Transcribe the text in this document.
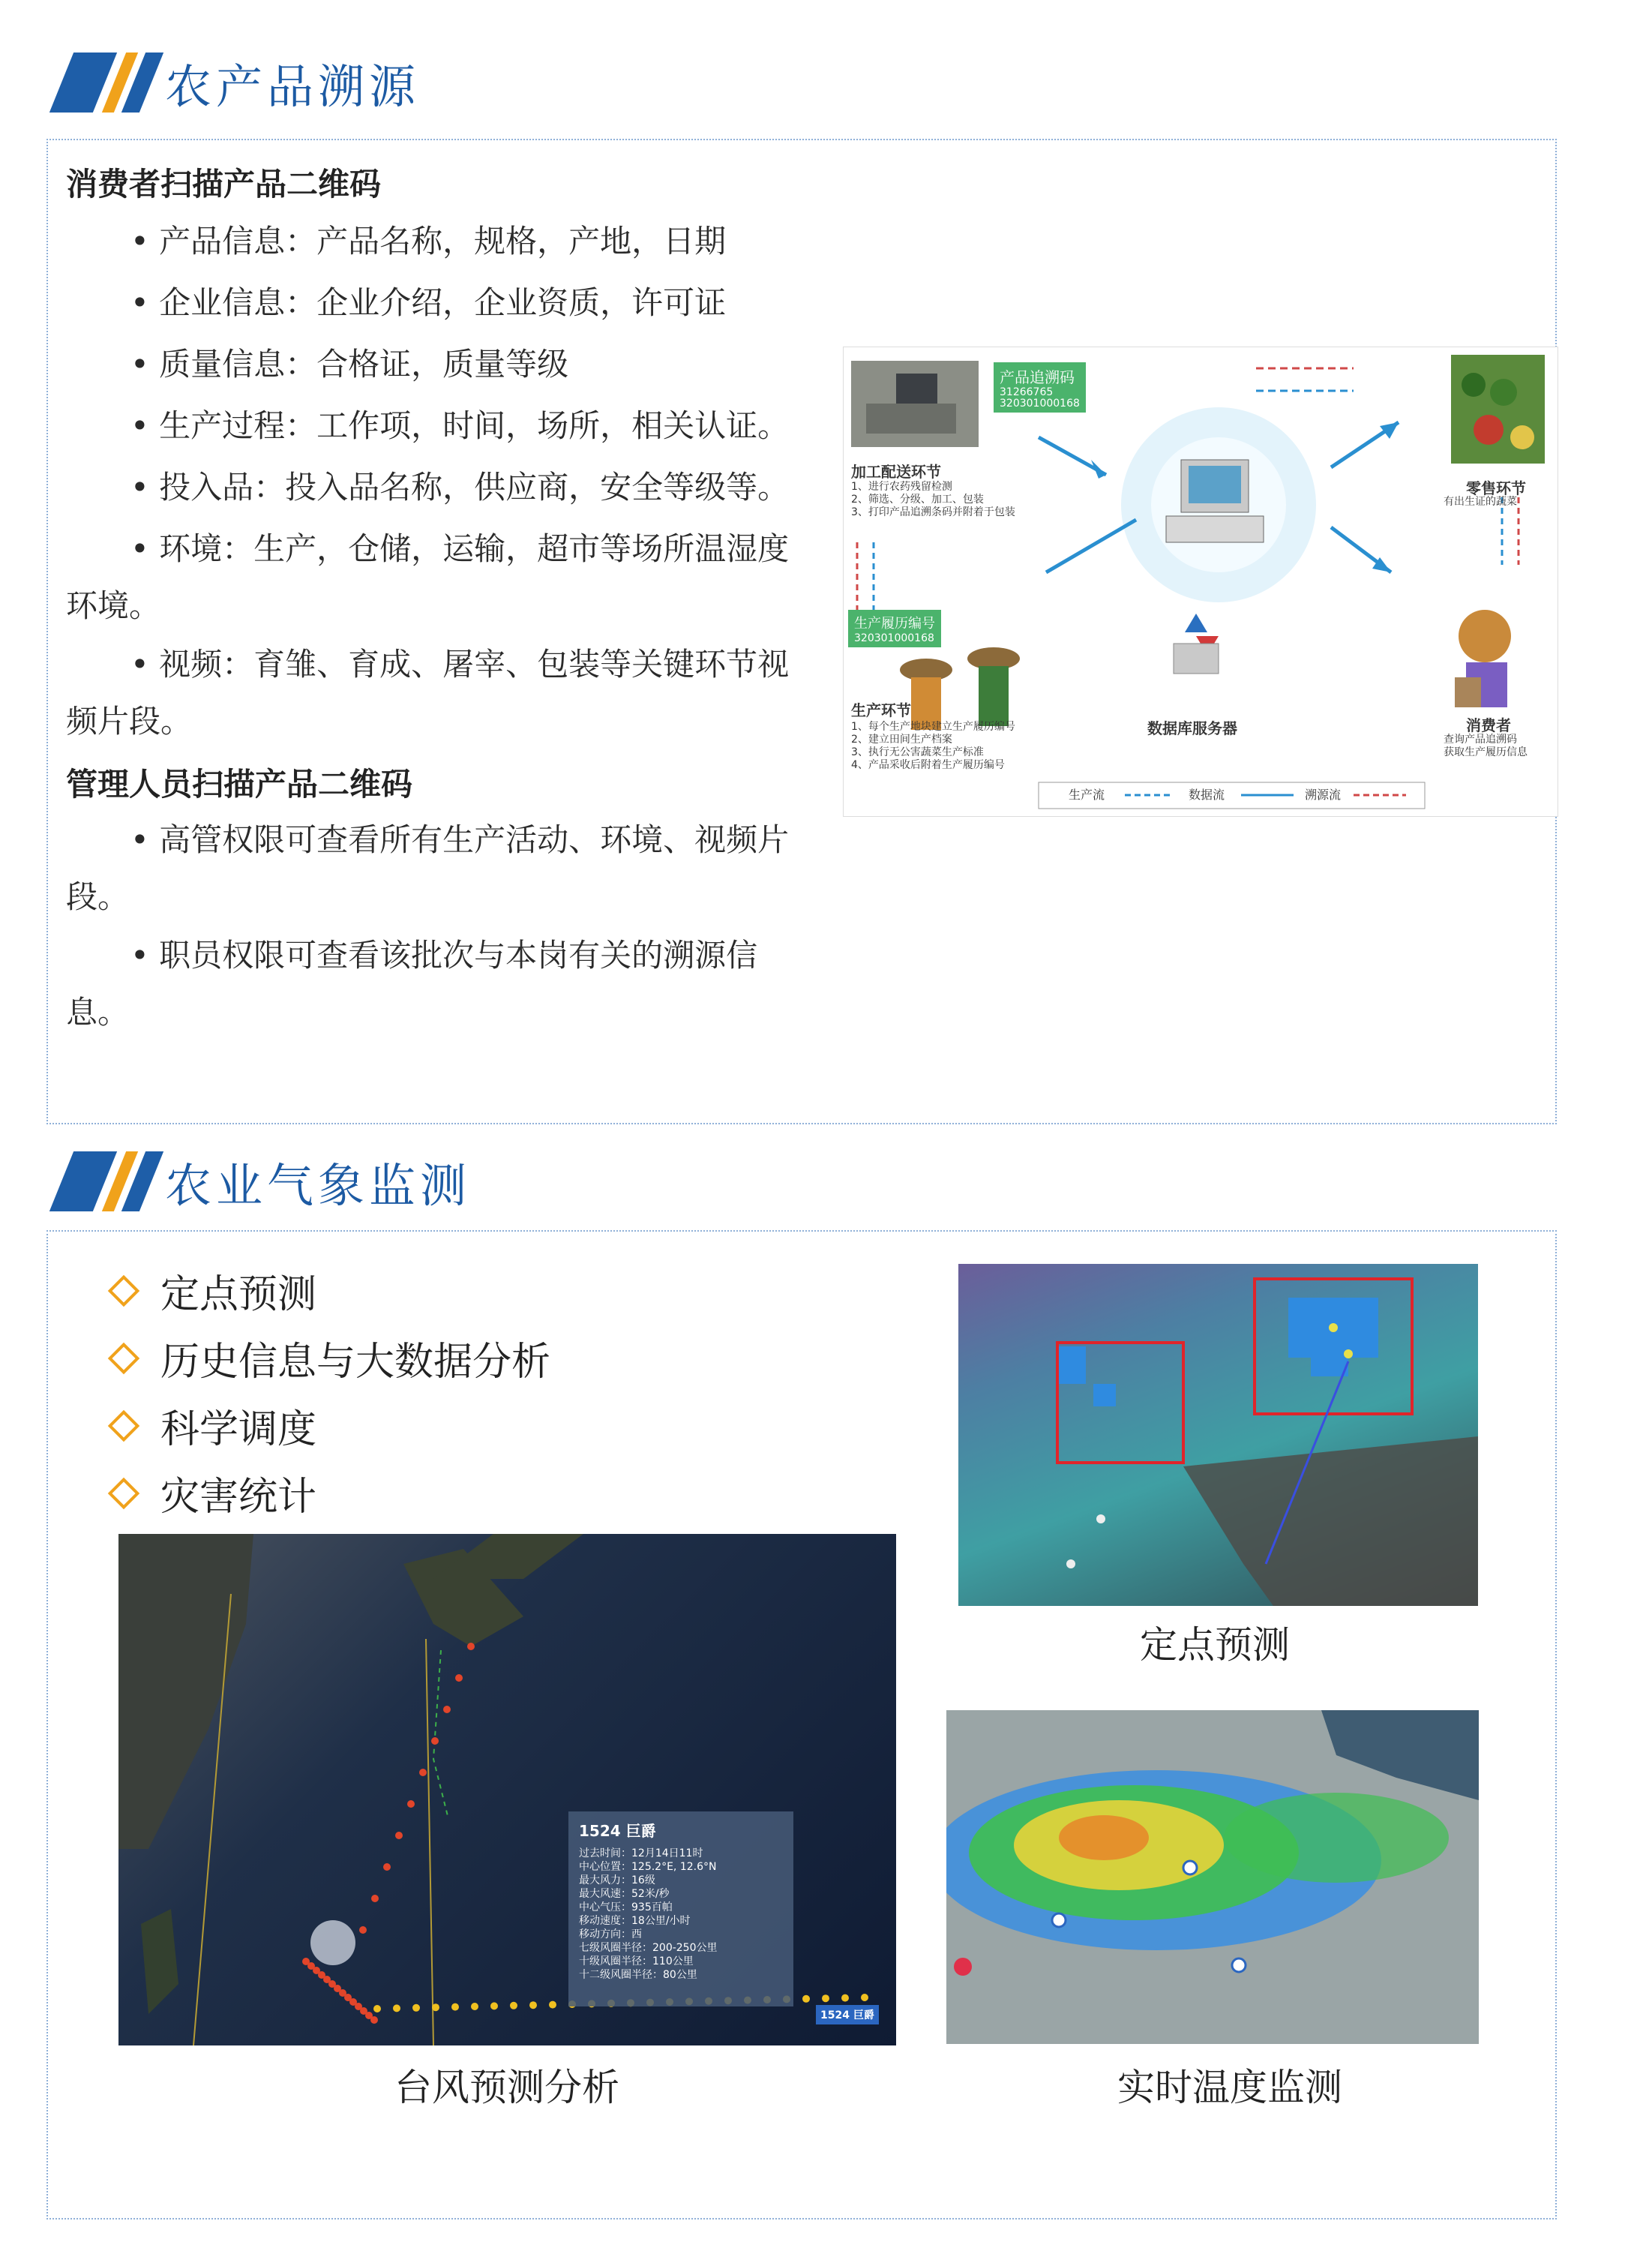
农产品溯源
消费者扫描产品二维码
• 产品信息：产品名称，规格，产地，日期
• 企业信息：企业介绍，企业资质，许可证
• 质量信息：合格证，质量等级
• 生产过程：工作项，时间，场所，相关认证。
• 投入品：投入品名称，供应商，安全等级等。
• 环境：生产，仓储，运输，超市等场所温湿度环境。
• 视频：育雏、育成、屠宰、包装等关键环节视频片段。
管理人员扫描产品二维码
• 高管权限可查看所有生产活动、环境、视频片段。
• 职员权限可查看该批次与本岗有关的溯源信息。
产品追溯码
31266765
320301000168
加工配送环节
1、进行农药残留检测
2、筛选、分级、加工、包装
3、打印产品追溯条码并附着于包装
生产履历编号
320301000168
生产环节
1、每个生产地块建立生产履历编号
2、建立田间生产档案
3、执行无公害蔬菜生产标准
4、产品采收后附着生产履历编号
数据库服务器
零售环节
有出生证的蔬菜
消费者
查询产品追溯码
获取生产履历信息
生产流	数据流	溯源流
农业气象监测
定点预测
历史信息与大数据分析
科学调度
灾害统计
定点预测
1524 巨爵
过去时间：12月14日11时
中心位置：125.2°E, 12.6°N
最大风力：16级
最大风速：52米/秒
中心气压：935百帕
移动速度：18公里/小时
移动方向：西
七级风圈半径：200-250公里
十级风圈半径：110公里
十二级风圈半径：80公里
1524 巨爵
台风预测分析	实时温度监测
